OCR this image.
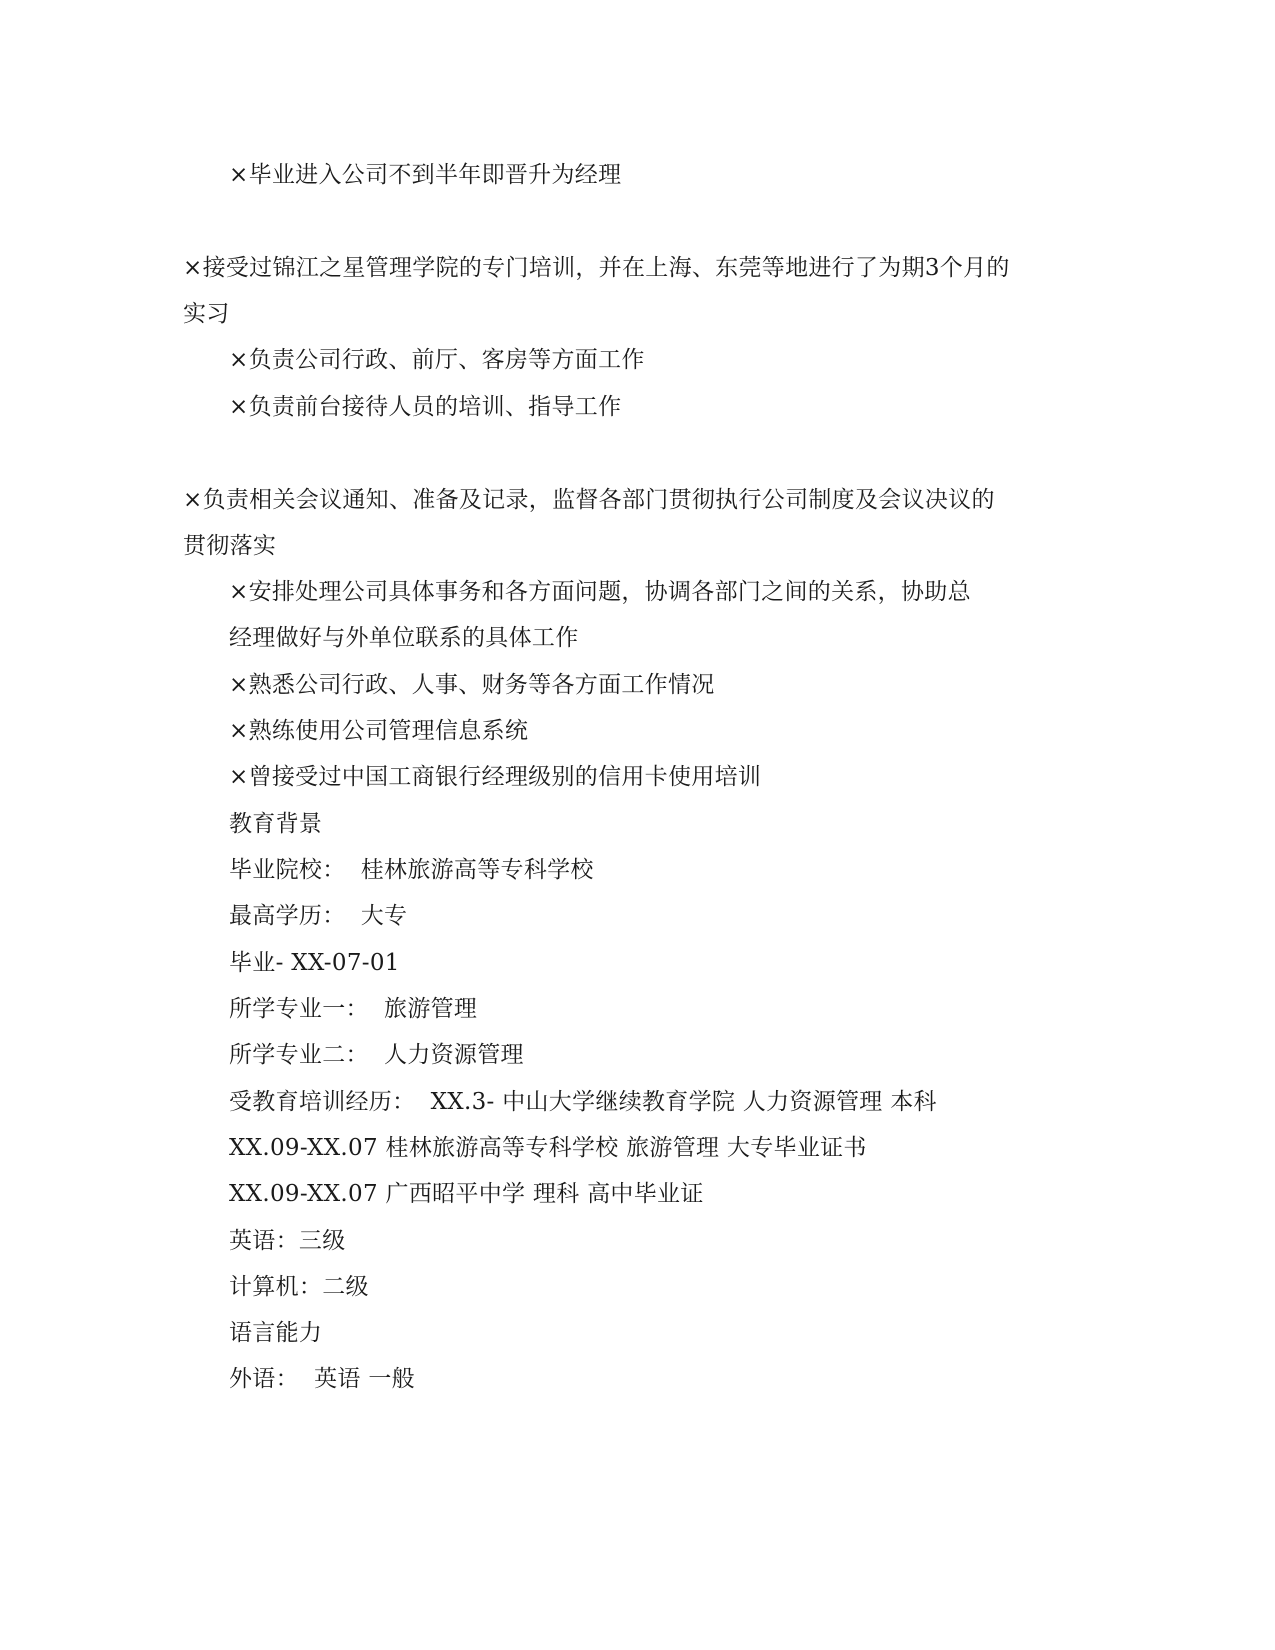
×毕业进入公司不到半年即晋升为经理
×接受过锦江之星管理学院的专门培训，并在上海、东莞等地进行了为期3个月的
实习
×负责公司行政、前厅、客房等方面工作
×负责前台接待人员的培训、指导工作
×负责相关会议通知、准备及记录，监督各部门贯彻执行公司制度及会议决议的
贯彻落实
×安排处理公司具体事务和各方面问题，协调各部门之间的关系，协助总
经理做好与外单位联系的具体工作
×熟悉公司行政、人事、财务等各方面工作情况
×熟练使用公司管理信息系统
×曾接受过中国工商银行经理级别的信用卡使用培训
教育背景
毕业院校：  桂林旅游高等专科学校
最高学历：  大专
毕业- XX-07-01
所学专业一：  旅游管理
所学专业二：  人力资源管理
受教育培训经历：  XX.3- 中山大学继续教育学院 人力资源管理 本科
XX.09-XX.07 桂林旅游高等专科学校 旅游管理 大专毕业证书
XX.09-XX.07 广西昭平中学 理科 高中毕业证
英语：三级
计算机：二级
语言能力
外语：  英语 一般
